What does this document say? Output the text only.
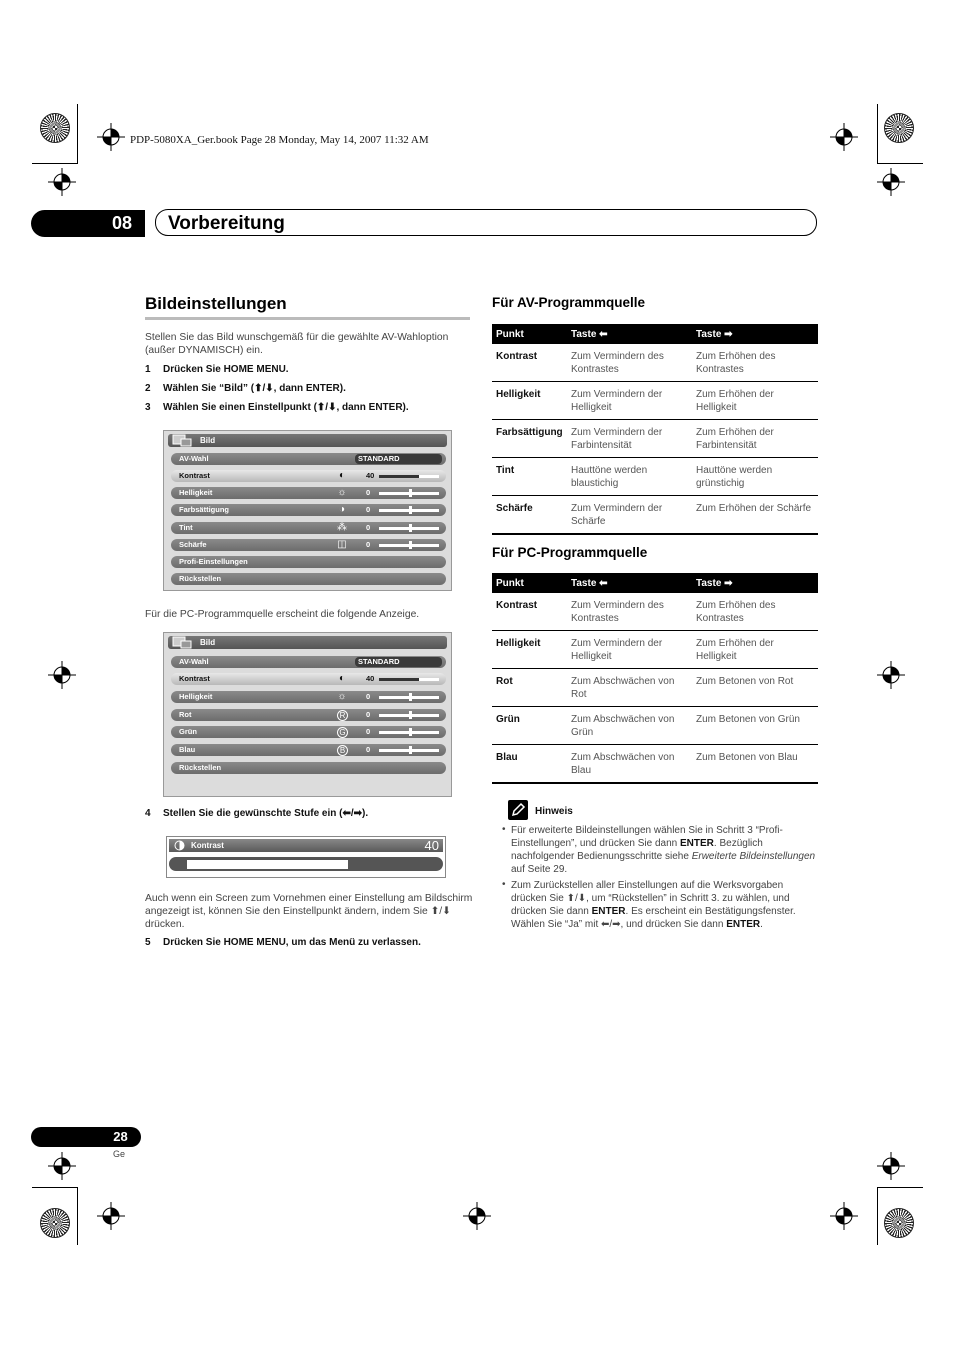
PDP-5080XA_Ger.book Page 28 Monday, May 14, 2007 11:32 AM
08	Vorbereitung
Bildeinstellungen
Stellen Sie das Bild wunschgemäß für die gewählte AV-Wahloption (außer DYNAMISCH) ein.
1 Drücken Sie HOME MENU.
2 Wählen Sie “Bild” (⬆/⬇, dann ENTER).
3 Wählen Sie einen Einstellpunkt (⬆/⬇, dann ENTER).
Bild
AV-Wahl	STANDARD
Kontrast	◐	40
Helligkeit	☼	0
Farbsättigung	◑	0
Tint	⁂	0
Schärfe	◫	0
Profi-Einstellungen
Rückstellen
Für die PC-Programmquelle erscheint die folgende Anzeige.
Bild
AV-Wahl	STANDARD
Kontrast	◐	40
Helligkeit	☼	0
Rot	R	0
Grün	G	0
Blau	B	0
Rückstellen
4 Stellen Sie die gewünschte Stufe ein (⬅/➡).
Kontrast	40
Auch wenn ein Screen zum Vornehmen einer Einstellung am Bildschirm angezeigt ist, können Sie den Einstellpunkt ändern, indem Sie ⬆/⬇ drücken.
5 Drücken Sie HOME MENU, um das Menü zu verlassen.
Für AV-Programmquelle
Punkt	Taste ⬅	Taste ➡
Kontrast	Zum Vermindern des Kontrastes	Zum Erhöhen des Kontrastes
Helligkeit	Zum Vermindern der Helligkeit	Zum Erhöhen der Helligkeit
Farbsättigung	Zum Vermindern der Farbintensität	Zum Erhöhen der Farbintensität
Tint	Hauttöne werden blaustichig	Hauttöne werden grünstichig
Schärfe	Zum Vermindern der Schärfe	Zum Erhöhen der Schärfe
Für PC-Programmquelle
Punkt	Taste ⬅	Taste ➡
Kontrast	Zum Vermindern des Kontrastes	Zum Erhöhen des Kontrastes
Helligkeit	Zum Vermindern der Helligkeit	Zum Erhöhen der Helligkeit
Rot	Zum Abschwächen von Rot	Zum Betonen von Rot
Grün	Zum Abschwächen von Grün	Zum Betonen von Grün
Blau	Zum Abschwächen von Blau	Zum Betonen von Blau
Hinweis
• Für erweiterte Bildeinstellungen wählen Sie in Schritt 3 “Profi-Einstellungen”, und drücken Sie dann ENTER. Bezüglich nachfolgender Bedienungsschritte siehe Erweiterte Bildeinstellungen auf Seite 29.
• Zum Zurückstellen aller Einstellungen auf die Werksvorgaben drücken Sie ⬆/⬇, um “Rückstellen” in Schritt 3. zu wählen, und drücken Sie dann ENTER. Es erscheint ein Bestätigungsfenster. Wählen Sie “Ja” mit ⬅/➡, und drücken Sie dann ENTER.
28
Ge
